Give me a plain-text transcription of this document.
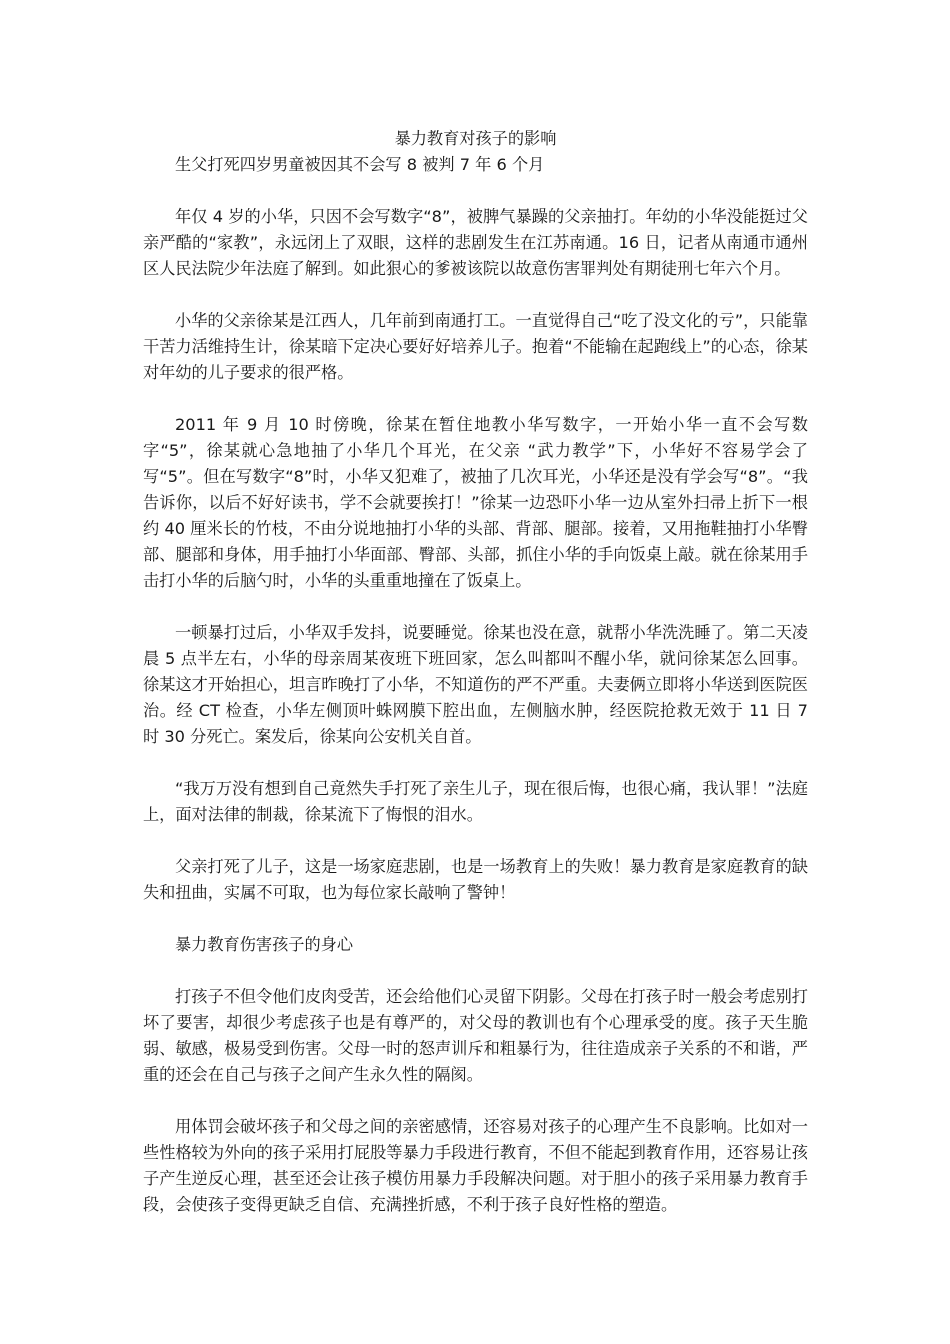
暴力教育对孩子的影响

生父打死四岁男童被因其不会写 8 被判 7 年 6 个月

年仅 4 岁的小华，只因不会写数字“8”，被脾气暴躁的父亲抽打。年幼的小华没能挺过父亲严酷的“家教”，永远闭上了双眼，这样的悲剧发生在江苏南通。16 日，记者从南通市通州区人民法院少年法庭了解到。如此狠心的爹被该院以故意伤害罪判处有期徒刑七年六个月。

小华的父亲徐某是江西人，几年前到南通打工。一直觉得自己“吃了没文化的亏”，只能靠干苦力活维持生计，徐某暗下定决心要好好培养儿子。抱着“不能输在起跑线上”的心态，徐某对年幼的儿子要求的很严格。

2011 年 9 月 10 时傍晚，徐某在暂住地教小华写数字，一开始小华一直不会写数字“5”，徐某就心急地抽了小华几个耳光，在父亲 “武力教学”下，小华好不容易学会了写“5”。但在写数字“8”时，小华又犯难了，被抽了几次耳光，小华还是没有学会写“8”。“我告诉你，以后不好好读书，学不会就要挨打！”徐某一边恐吓小华一边从室外扫帚上折下一根约 40 厘米长的竹枝，不由分说地抽打小华的头部、背部、腿部。接着，又用拖鞋抽打小华臀部、腿部和身体，用手抽打小华面部、臀部、头部，抓住小华的手向饭桌上敲。就在徐某用手击打小华的后脑勺时，小华的头重重地撞在了饭桌上。

一顿暴打过后，小华双手发抖，说要睡觉。徐某也没在意，就帮小华洗洗睡了。第二天凌晨 5 点半左右，小华的母亲周某夜班下班回家，怎么叫都叫不醒小华，就问徐某怎么回事。徐某这才开始担心，坦言昨晚打了小华，不知道伤的严不严重。夫妻俩立即将小华送到医院医治。经 CT 检查，小华左侧顶叶蛛网膜下腔出血，左侧脑水肿，经医院抢救无效于 11 日 7 时 30 分死亡。案发后，徐某向公安机关自首。

“我万万没有想到自己竟然失手打死了亲生儿子，现在很后悔，也很心痛，我认罪！”法庭上，面对法律的制裁，徐某流下了悔恨的泪水。

父亲打死了儿子，这是一场家庭悲剧，也是一场教育上的失败！暴力教育是家庭教育的缺失和扭曲，实属不可取，也为每位家长敲响了警钟！

暴力教育伤害孩子的身心

打孩子不但令他们皮肉受苦，还会给他们心灵留下阴影。父母在打孩子时一般会考虑别打坏了要害，却很少考虑孩子也是有尊严的，对父母的教训也有个心理承受的度。孩子天生脆弱、敏感，极易受到伤害。父母一时的怒声训斥和粗暴行为，往往造成亲子关系的不和谐，严重的还会在自己与孩子之间产生永久性的隔阂。

用体罚会破坏孩子和父母之间的亲密感情，还容易对孩子的心理产生不良影响。比如对一些性格较为外向的孩子采用打屁股等暴力手段进行教育，不但不能起到教育作用，还容易让孩子产生逆反心理，甚至还会让孩子模仿用暴力手段解决问题。对于胆小的孩子采用暴力教育手段，会使孩子变得更缺乏自信、充满挫折感，不利于孩子良好性格的塑造。
